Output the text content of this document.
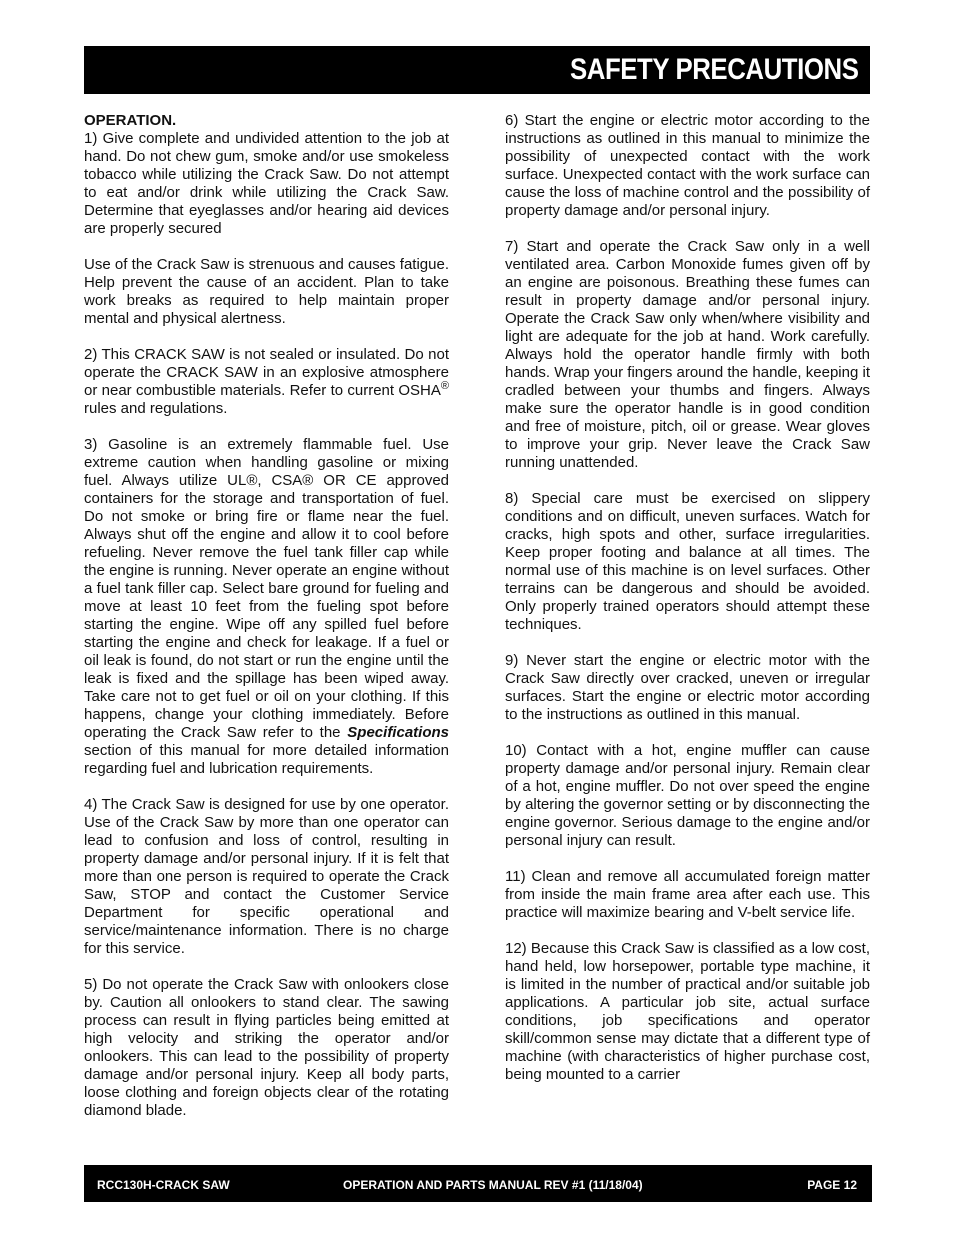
SAFETY PRECAUTIONS
OPERATION.

1) Give complete and undivided attention to the job at hand. Do not chew gum, smoke and/or use smokeless tobacco while utilizing the Crack Saw. Do not attempt to eat and/or drink while utilizing the Crack Saw. Determine that eyeglasses and/or hearing aid devices are properly secured

Use of the Crack Saw is strenuous and causes fatigue. Help prevent the cause of an accident. Plan to take work breaks as required to help maintain proper mental and physical alertness.

2) This CRACK SAW is not sealed or insulated. Do not operate the CRACK SAW in an explosive atmosphere or near combustible materials. Refer to current OSHA® rules and regulations.

3) Gasoline is an extremely flammable fuel. Use extreme caution when handling gasoline or mixing fuel. Always utilize UL®, CSA® OR CE approved containers for the storage and transportation of fuel. Do not smoke or bring fire or flame near the fuel. Always shut off the engine and allow it to cool before refueling. Never remove the fuel tank filler cap while the engine is running. Never operate an engine without a fuel tank filler cap. Select bare ground for fueling and move at least 10 feet from the fueling spot before starting the engine. Wipe off any spilled fuel before starting the engine and check for leakage. If a fuel or oil leak is found, do not start or run the engine until the leak is fixed and the spillage has been wiped away. Take care not to get fuel or oil on your clothing. If this happens, change your clothing immediately. Before operating the Crack Saw refer to the Specifications section of this manual for more detailed information regarding fuel and lubrication requirements.

4) The Crack Saw is designed for use by one operator. Use of the Crack Saw by more than one operator can lead to confusion and loss of control, resulting in property damage and/or personal injury. If it is felt that more than one person is required to operate the Crack Saw, STOP and contact the Customer Service Department for specific operational and service/maintenance information. There is no charge for this service.

5) Do not operate the Crack Saw with onlookers close by. Caution all onlookers to stand clear. The sawing process can result in flying particles being emitted at high velocity and striking the operator and/or onlookers. This can lead to the possibility of property damage and/or personal injury. Keep all body parts, loose clothing and foreign objects clear of the rotating diamond blade.

6) Start the engine or electric motor according to the instructions as outlined in this manual to minimize the possibility of unexpected contact with the work surface. Unexpected contact with the work surface can cause the loss of machine control and the possibility of property damage and/or personal injury.

7) Start and operate the Crack Saw only in a well ventilated area. Carbon Monoxide fumes given off by an engine are poisonous. Breathing these fumes can result in property damage and/or personal injury. Operate the Crack Saw only when/where visibility and light are adequate for the job at hand. Work carefully. Always hold the operator handle firmly with both hands. Wrap your fingers around the handle, keeping it cradled between your thumbs and fingers. Always make sure the operator handle is in good condition and free of moisture, pitch, oil or grease. Wear gloves to improve your grip. Never leave the Crack Saw running unattended.

8) Special care must be exercised on slippery conditions and on difficult, uneven surfaces. Watch for cracks, high spots and other, surface irregularities. Keep proper footing and balance at all times. The normal use of this machine is on level surfaces. Other terrains can be dangerous and should be avoided. Only properly trained operators should attempt these techniques.

9) Never start the engine or electric motor with the Crack Saw directly over cracked, uneven or irregular surfaces. Start the engine or electric motor according to the instructions as outlined in this manual.

10) Contact with a hot, engine muffler can cause property damage and/or personal injury. Remain clear of a hot, engine muffler. Do not over speed the engine by altering the governor setting or by disconnecting the engine governor. Serious damage to the engine and/or personal injury can result.

11) Clean and remove all accumulated foreign matter from inside the main frame area after each use. This practice will maximize bearing and V-belt service life.

12) Because this Crack Saw is classified as a low cost, hand held, low horsepower, portable type machine, it is limited in the number of practical and/or suitable job applications. A particular job site, actual surface conditions, job specifications and operator skill/common sense may dictate that a different type of machine (with characteristics of higher purchase cost, being mounted to a carrier

RCC130H-CRACK SAW	OPERATION AND PARTS MANUAL REV #1 (11/18/04)	PAGE 12
